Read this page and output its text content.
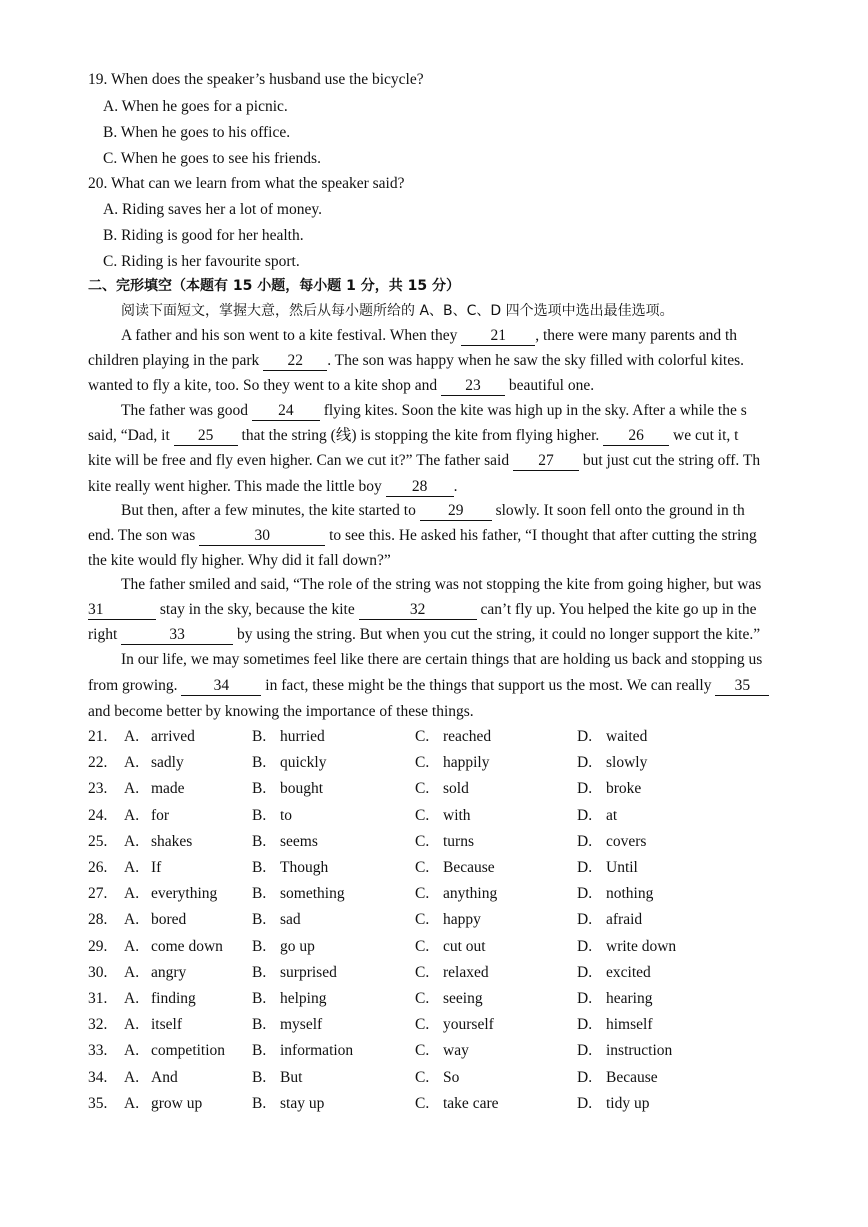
19. When does the speaker’s husband use the bicycle?
A. When he goes for a picnic.
B. When he goes to his office.
C. When he goes to see his friends.
20. What can we learn from what the speaker said?
A. Riding saves her a lot of money.
B. Riding is good for her health.
C. Riding is her favourite sport.
二、完形填空（本题有 15 小题，每小题 1 分，共 15 分）
阅读下面短文，掌握大意，然后从每小题所给的 A、B、C、D 四个选项中选出最佳选项。
A father and his son went to a kite festival. When they 21 , there were many parents and th
children playing in the park 22 . The son was happy when he saw the sky filled with colorful kites.
wanted to fly a kite, too. So they went to a kite shop and 23 beautiful one.
The father was good 24 flying kites. Soon the kite was high up in the sky. After a while the s
said, “Dad, it 25 that the string (线) is stopping the kite from flying higher. 26 we cut it, t
kite will be free and fly even higher. Can we cut it?” The father said 27 but just cut the string off. Th
kite really went higher. This made the little boy 28 .
But then, after a few minutes, the kite started to 29 slowly. It soon fell onto the ground in th
end. The son was	30	to see this. He asked his father, “I thought that after cutting the string
the kite would fly higher. Why did it fall down?”
The father smiled and said, “The role of the string was not stopping the kite from going higher, but was
31	stay in the sky, because the kite	32	can’t fly up. You helped the kite go up in the
right	33	by using the string. But when you cut the string, it could no longer support the kite.”
In our life, we may sometimes feel like there are certain things that are holding us back and stopping us
from growing. 34 in fact, these might be the things that support us the most. We can really 35
and become better by knowing the importance of these things.
21. A. arrived	B. hurried	C. reached	D. waited
22. A. sadly	B. quickly	C. happily	D. slowly
23. A. made	B. bought	C. sold	D. broke
24. A. for	B. to	C. with	D. at
25. A. shakes	B. seems	C. turns	D. covers
26. A. If	B. Though	C. Because	D. Until
27. A. everything B. something	C. anything	D. nothing
28. A. bored	B. sad	C. happy	D. afraid
29. A. come down B. go up	C. cut out	D. write down
30. A. angry	B. surprised	C. relaxed	D. excited
31. A. finding	B. helping	C. seeing	D. hearing
32. A. itself	B. myself	C. yourself	D. himself
33. A. competition B. information	C. way	D. instruction
34. A. And	B. But	C. So	D. Because
35. A. grow up	B. stay up	C. take care	D. tidy up
